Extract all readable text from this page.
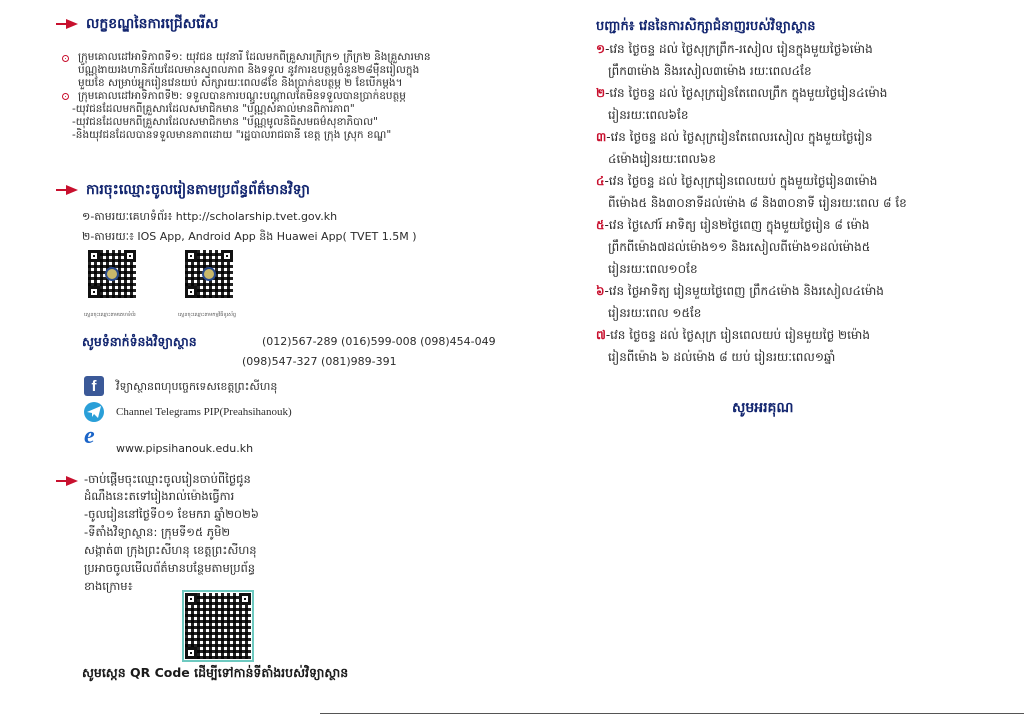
លក្ខខណ្ឌនៃការជ្រើសរើស
ក្រុមគោលដៅអាទិភាពទី១: យុវជន យុវនារី ដែលមកពីគ្រួសារក្រីក្រ១ ក្រីក្រ២ និងគ្រួសារមាន
ប័ណ្ណងាយរងហានិភ័យដែលមានសុពលភាព និងទទួល នូវការឧបត្ថម្ភចំនួន២៨ម៉ឺនរៀលក្នុង
មួយខែ សម្រាប់អ្នករៀនវេនយប់ សិក្សារយៈពេល៨ខែ និងប្រាក់ឧបត្ថម្ភ ២ ខែបើកម្តង។
ក្រុមគោលដៅអាទិភាពទី២: ទទួលបានការបណ្តុះបណ្តាលតែមិនទទួលបានប្រាក់ឧបត្ថម្ភ
-យុវជនដែលមកពីគ្រួសារដែលសមាជិកមាន "ប័ណ្ណសំគាល់មានពិការភាព"
-យុវជនដែលមកពីគ្រួសារដែលសមាជិកមាន "ប័ណ្ណមូលនិធិសមធម៌សុខាភិបាល"
-និងយុវជនដែលបានទទួលមានភាពដោយ "រដ្ឋបាលរាជធានី ខេត្ត ក្រុង ស្រុក ខណ្ឌ"
ការចុះឈ្មោះចូលរៀនតាមប្រព័ន្ធព័ត៌មានវិទ្យា
១-តាមរយៈគេហទំព័រ៖ http://scholarship.tvet.gov.kh
២-តាមរយៈ៖ IOS App, Android App និង Huawei App( TVET 1.5M )
ស្កេនចុះឈ្មោះតាមគេហទំព័រ	ស្កេនចុះឈ្មោះតាមកម្មវិធីទូរស័ព្ទ
សូមទំនាក់ទំនងវិទ្យាស្ថាន	(012)567-289 (016)599-008 (098)454-049
(098)547-327 (081)989-391
f	វិទ្យាស្ថានពហុបច្ចេកទេសខេត្តព្រះសីហនុ
Channel Telegrams PIP(Preahsihanouk)
e	www.pipsihanouk.edu.kh
-ចាប់ផ្តើមចុះឈ្មោះចូលរៀនចាប់ពីថ្ងៃជូន
ដំណឹងនេះតទៅរៀងរាល់ម៉ោងធ្វើការ
-ចូលរៀននៅថ្ងៃទី០១ ខែមករា ឆ្នាំ២០២៦
-ទីតាំងវិទ្យាស្ថាន: ក្រុមទី១៥ ភូមិ២
សង្កាត់៣ ក្រុងព្រះសីហនុ ខេត្តព្រះសីហនុ
ប្រអាចចូលមើលព័ត៌មានបន្ថែមតាមប្រព័ន្ធ
ខាងក្រោម៖
សូមស្កេន QR Code ដើម្បីទៅកាន់ទីតាំងរបស់វិទ្យាស្ថាន
បញ្ជាក់៖ វេននៃការសិក្សាជំនាញរបស់វិទ្យាស្ថាន
១-វេន ថ្ងៃចន្ទ ដល់ ថ្ងៃសុក្រព្រឹក-រសៀល រៀនក្នុងមួយថ្ងៃ៦ម៉ោង
ព្រឹក៣ម៉ោង និងរសៀល៣ម៉ោង រយៈពេល៤ខែ
២-វេន ថ្ងៃចន្ទ ដល់ ថ្ងៃសុក្ររៀនតែពេលព្រឹក ក្នុងមួយថ្ងៃរៀន៤ម៉ោង
រៀនរយៈពេល៦ខែ
៣-វេន ថ្ងៃចន្ទ ដល់ ថ្ងៃសុក្ររៀនតែពេលរសៀល ក្នុងមួយថ្ងៃរៀន
៤ម៉ោងរៀនរយៈពេល៦ខ
៤-វេន ថ្ងៃចន្ទ ដល់ ថ្ងៃសុក្ររៀនពេលយប់ ក្នុងមួយថ្ងៃរៀន៣ម៉ោង
ពីម៉ោង៥ និង៣០នាទីដល់ម៉ោង ៨ និង៣០នាទី រៀនរយៈពេល ៨ ខែ
៥-វេន ថ្ងៃសៅរ៍ អាទិត្យ រៀន២ថ្ងៃពេញ ក្នុងមួយថ្ងៃរៀន ៨ ម៉ោង
ព្រឹកពីម៉ោង៧ដល់ម៉ោង១១ និងរសៀលពីម៉ោង១ដល់ម៉ោង៥
រៀនរយៈពេល១០ខែ
៦-វេន ថ្ងៃអាទិត្យ រៀនមួយថ្ងៃពេញ ព្រឹក៤ម៉ោង និងរសៀល៤ម៉ោង
រៀនរយៈពេល ១៥ខែ
៧-វេន ថ្ងៃចន្ទ ដល់ ថ្ងៃសុក្រ រៀនពេលយប់ រៀនមួយថ្ងៃ ២ម៉ោង
រៀនពីម៉ោង ៦ ដល់ម៉ោង ៨ យប់ រៀនរយៈពេល១ឆ្នាំ
សូមអរគុណ
